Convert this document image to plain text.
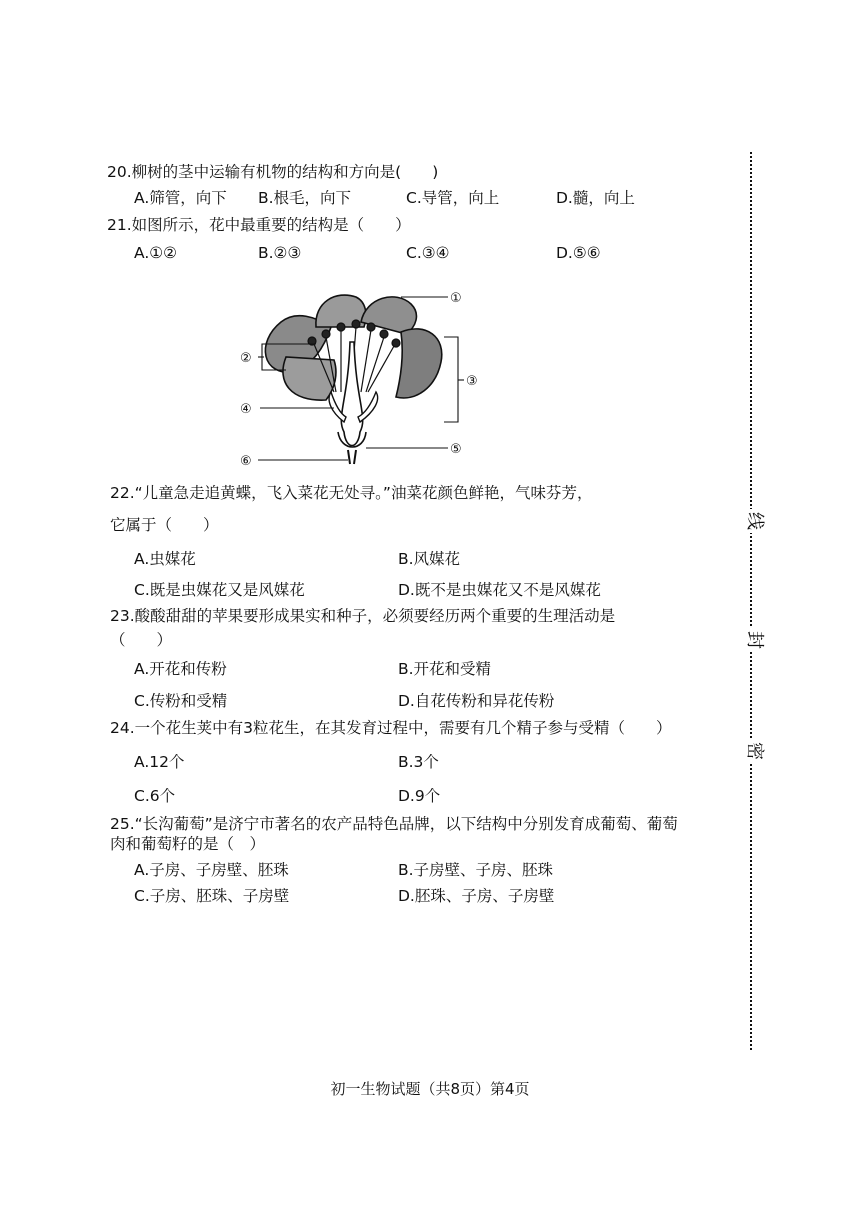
20.柳树的茎中运输有机物的结构和方向是(　　)
A.筛管，向下 B.根毛，向下	C.导管，向上	D.髓，向上
21.如图所示，花中最重要的结构是（　　）
A.①②	B.②③	C.③④	D.⑤⑥
①
②
③
④
⑤
⑥
22.“儿童急走追黄蝶，飞入菜花无处寻。”油菜花颜色鲜艳，气味芬芳，
它属于（　　）
A.虫媒花	B.风媒花
C.既是虫媒花又是风媒花	D.既不是虫媒花又不是风媒花
23.酸酸甜甜的苹果要形成果实和种子，必须要经历两个重要的生理活动是
（　　）
A.开花和传粉	B.开花和受精
C.传粉和受精	D.自花传粉和异花传粉
24.一个花生荚中有3粒花生，在其发育过程中，需要有几个精子参与受精（　　）
A.12个	B.3个
C.6个	D.9个
25.“长沟葡萄”是济宁市著名的农产品特色品牌，以下结构中分别发育成葡萄、葡萄
肉和葡萄籽的是（　）
A.子房、子房壁、胚珠	B.子房壁、子房、胚珠
C.子房、胚珠、子房壁	D.胚珠、子房、子房壁
线
封
密
初一生物试题（共8页）第4页
